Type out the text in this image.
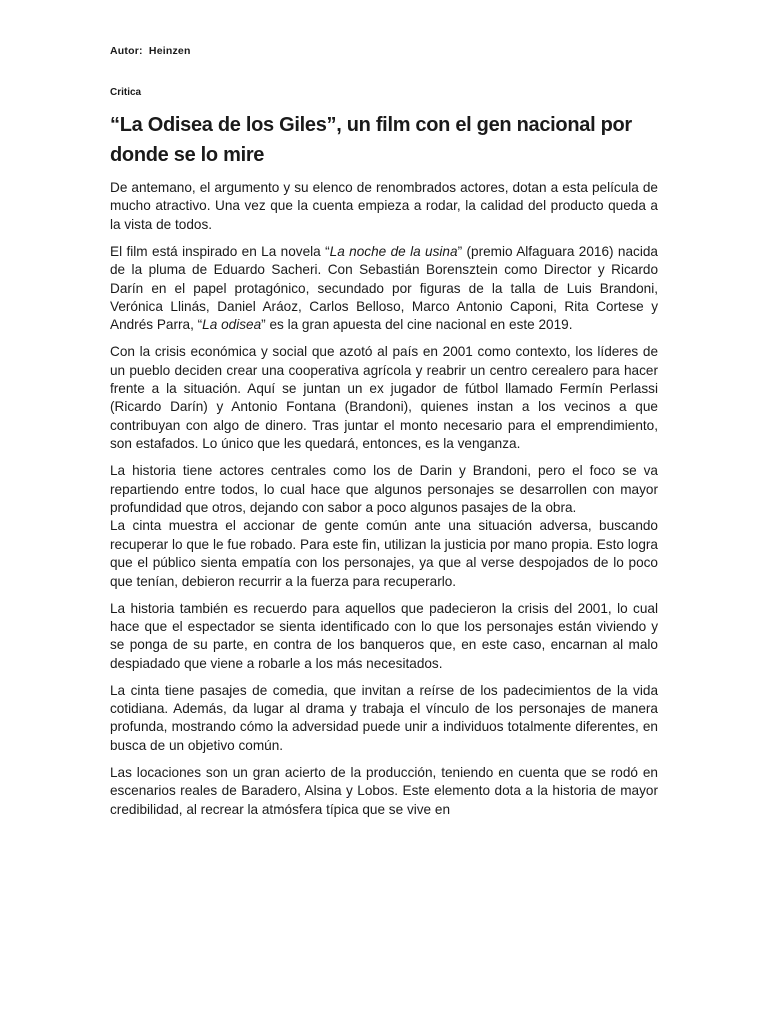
Autor:  Heinzen
Critica
“La Odisea de los Giles”, un film con el gen nacional por donde se lo mire

De antemano, el argumento y su elenco de renombrados actores, dotan a esta película de mucho atractivo. Una vez que la cuenta empieza a rodar, la calidad del producto queda a la vista de todos.

El film está inspirado en La novela “La noche de la usina” (premio Alfaguara 2016) nacida de la pluma de Eduardo Sacheri. Con Sebastián Borensztein como Director y Ricardo Darín en el papel protagónico, secundado por figuras de la talla de Luis Brandoni, Verónica Llinás, Daniel Aráoz, Carlos Belloso, Marco Antonio Caponi, Rita Cortese y Andrés Parra, “La odisea” es la gran apuesta del cine nacional en este 2019.

Con la crisis económica y social que azotó al país en 2001 como contexto, los líderes de un pueblo deciden crear una cooperativa agrícola y reabrir un centro cerealero para hacer frente a la situación. Aquí se juntan un ex jugador de fútbol llamado Fermín Perlassi (Ricardo Darín) y Antonio Fontana (Brandoni), quienes instan a los vecinos a que contribuyan con algo de dinero. Tras juntar el monto necesario para el emprendimiento, son estafados. Lo único que les quedará, entonces, es la venganza.

La historia tiene actores centrales como los de Darin y Brandoni, pero el foco se va repartiendo entre todos, lo cual hace que algunos personajes se desarrollen con mayor profundidad que otros, dejando con sabor a poco algunos pasajes de la obra.

La cinta muestra el accionar de gente común ante una situación adversa, buscando recuperar lo que le fue robado. Para este fin, utilizan la justicia por mano propia. Esto logra que el público sienta empatía con los personajes, ya que al verse despojados de lo poco que tenían, debieron recurrir a la fuerza para recuperarlo.

La historia también es recuerdo para aquellos que padecieron la crisis del 2001, lo cual hace que el espectador se sienta identificado con lo que los personajes están viviendo y se ponga de su parte, en contra de los banqueros que, en este caso, encarnan al malo despiadado que viene a robarle a los más necesitados.

La cinta tiene pasajes de comedia, que invitan a reírse de los padecimientos de la vida cotidiana. Además, da lugar al drama y trabaja el vínculo de los personajes de manera profunda, mostrando cómo la adversidad puede unir a individuos totalmente diferentes, en busca de un objetivo común.

Las locaciones son un gran acierto de la producción, teniendo en cuenta que se rodó en escenarios reales de Baradero, Alsina y Lobos. Este elemento dota a la historia de mayor credibilidad, al recrear la atmósfera típica que se vive en
